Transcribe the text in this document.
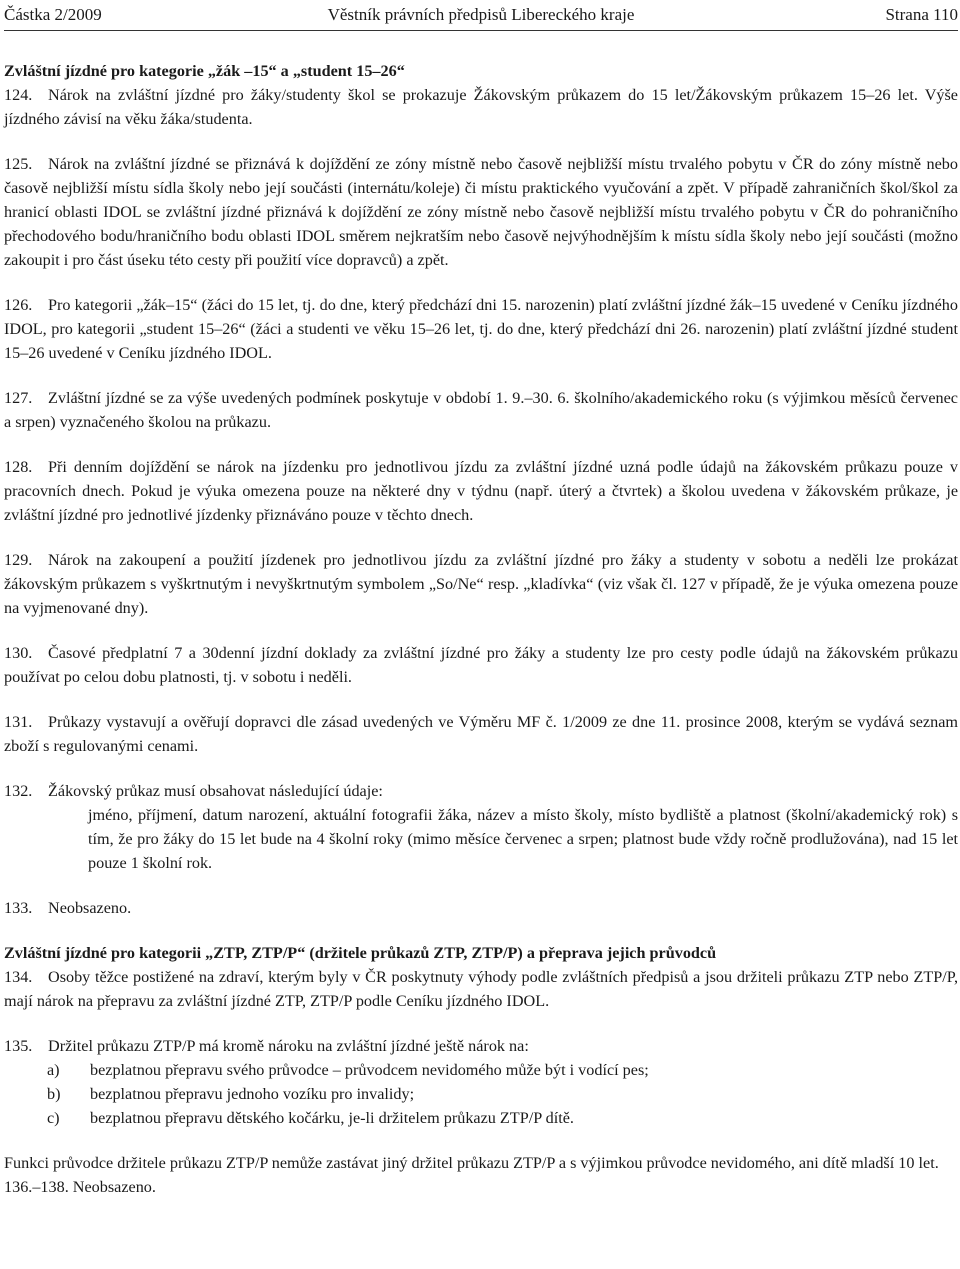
Částka 2/2009	Věstník právních předpisů Libereckého kraje	Strana 110
Zvláštní jízdné pro kategorie „žák –15“ a „student 15–26“

124. Nárok na zvláštní jízdné pro žáky/studenty škol se prokazuje Žákovským průkazem do 15 let/Žákovským průkazem 15–26 let. Výše jízdného závisí na věku žáka/studenta.

125. Nárok na zvláštní jízdné se přiznává k dojíždění ze zóny místně nebo časově nejbližší místu trvalého pobytu v ČR do zóny místně nebo časově nejbližší místu sídla školy nebo její součásti (internátu/koleje) či místu praktického vyučování a zpět. V případě zahraničních škol/škol za hranicí oblasti IDOL se zvláštní jízdné přiznává k dojíždění ze zóny místně nebo časově nejbližší místu trvalého pobytu v ČR do pohraničního přechodového bodu/hraničního bodu oblasti IDOL směrem nejkratším nebo časově nejvýhodnějším k místu sídla školy nebo její součásti (možno zakoupit i pro část úseku této cesty při použití více dopravců) a zpět.

126. Pro kategorii „žák–15“ (žáci do 15 let, tj. do dne, který předchází dni 15. narozenin) platí zvláštní jízdné žák–15 uvedené v Ceníku jízdného IDOL, pro kategorii „student 15–26“ (žáci a studenti ve věku 15–26 let, tj. do dne, který předchází dni 26. narozenin) platí zvláštní jízdné student 15–26 uvedené v Ceníku jízdného IDOL.

127. Zvláštní jízdné se za výše uvedených podmínek poskytuje v období 1. 9.–30. 6. školního/akademického roku (s výjimkou měsíců červenec a srpen) vyznačeného školou na průkazu.

128. Při denním dojíždění se nárok na jízdenku pro jednotlivou jízdu za zvláštní jízdné uzná podle údajů na žákovském průkazu pouze v pracovních dnech. Pokud je výuka omezena pouze na některé dny v týdnu (např. úterý a čtvrtek) a školou uvedena v žákovském průkaze, je zvláštní jízdné pro jednotlivé jízdenky přiznáváno pouze v těchto dnech.

129. Nárok na zakoupení a použití jízdenek pro jednotlivou jízdu za zvláštní jízdné pro žáky a studenty v sobotu a neděli lze prokázat žákovským průkazem s vyškrtnutým i nevyškrtnutým symbolem „So/Ne“ resp. „kladívka“ (viz však čl. 127 v případě, že je výuka omezena pouze na vyjmenované dny).

130. Časové předplatní 7 a 30denní jízdní doklady za zvláštní jízdné pro žáky a studenty lze pro cesty podle údajů na žákovském průkazu používat po celou dobu platnosti, tj. v sobotu i neděli.

131. Průkazy vystavují a ověřují dopravci dle zásad uvedených ve Výměru MF č. 1/2009 ze dne 11. prosince 2008, kterým se vydává seznam zboží s regulovanými cenami.

132. Žákovský průkaz musí obsahovat následující údaje:

jméno, příjmení, datum narození, aktuální fotografii žáka, název a místo školy, místo bydliště a platnost (školní/akademický rok) s tím, že pro žáky do 15 let bude na 4 školní roky (mimo měsíce červenec a srpen; platnost bude vždy ročně prodlužována), nad 15 let pouze 1 školní rok.

133. Neobsazeno.

Zvláštní jízdné pro kategorii „ZTP, ZTP/P“ (držitele průkazů ZTP, ZTP/P) a přeprava jejich průvodců

134. Osoby těžce postižené na zdraví, kterým byly v ČR poskytnuty výhody podle zvláštních předpisů a jsou držiteli průkazu ZTP nebo ZTP/P, mají nárok na přepravu za zvláštní jízdné ZTP, ZTP/P podle Ceníku jízdného IDOL.

135. Držitel průkazu ZTP/P má kromě nároku na zvláštní jízdné ještě nárok na:

a)	bezplatnou přepravu svého průvodce – průvodcem nevidomého může být i vodící pes;
b)	bezplatnou přepravu jednoho vozíku pro invalidy;
c)	bezplatnou přepravu dětského kočárku, je-li držitelem průkazu ZTP/P dítě.

Funkci průvodce držitele průkazu ZTP/P nemůže zastávat jiný držitel průkazu ZTP/P a s výjimkou průvodce nevidomého, ani dítě mladší 10 let.

136.–138. Neobsazeno.
